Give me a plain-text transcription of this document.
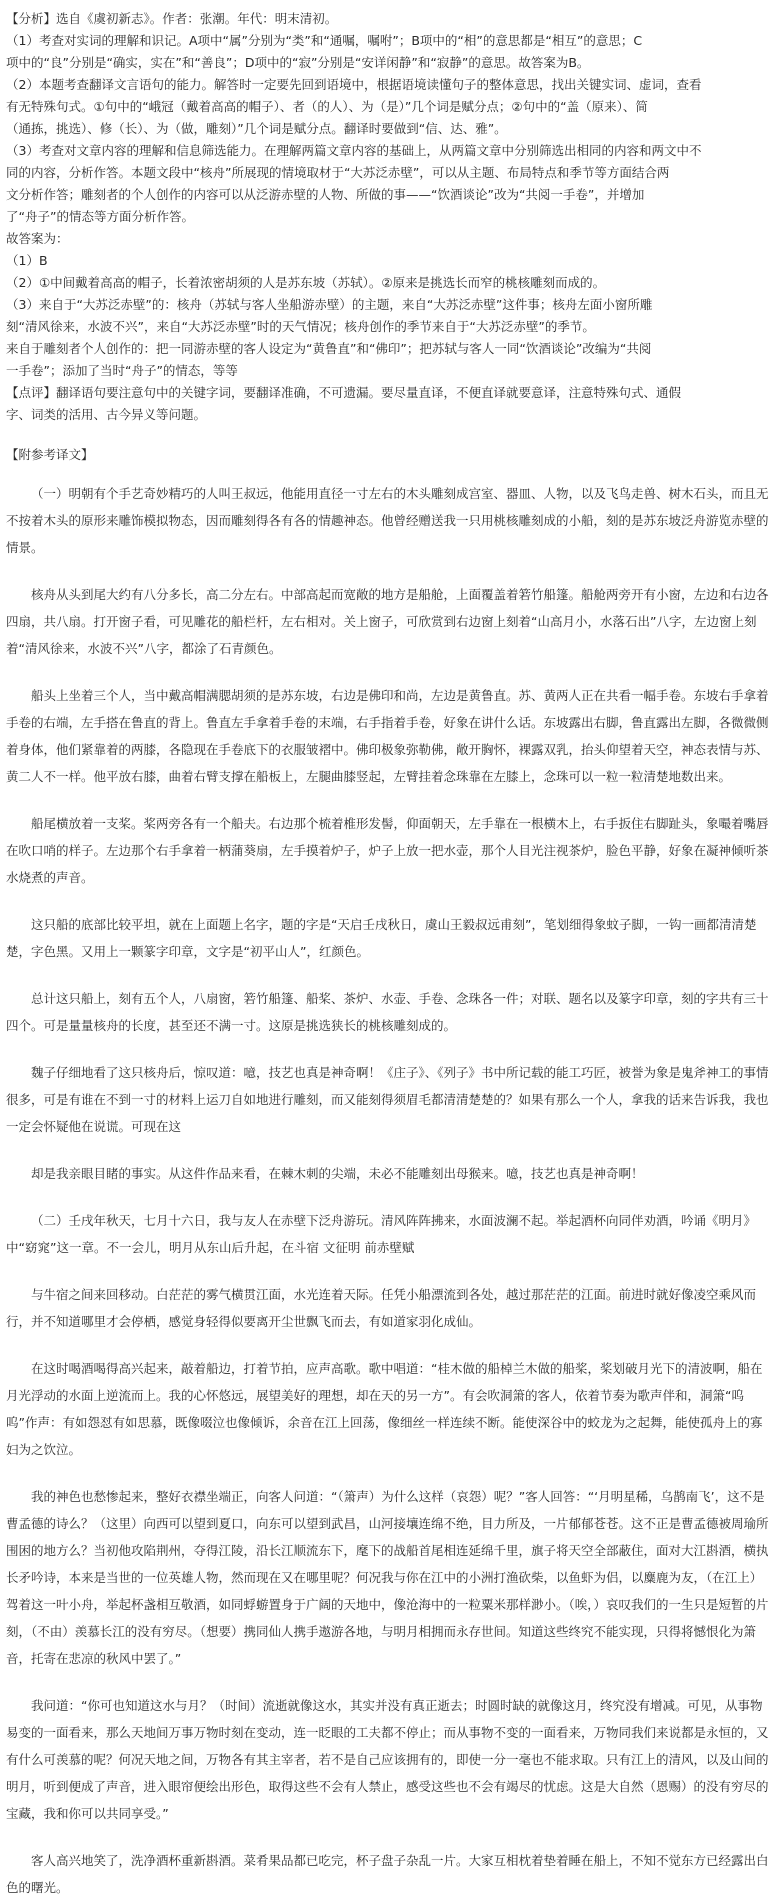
【分析】选自《虞初新志》。作者：张潮。年代：明末清初。

（1）考查对实词的理解和识记。A项中“属”分别为“类”和“通嘱，嘱咐”；B项中的“相”的意思都是“相互”的意思；C

项中的“良”分别是“确实，实在”和“善良”；D项中的“寂”分别是“安详闲静”和“寂静”的意思。故答案为B。

（2）本题考查翻译文言语句的能力。解答时一定要先回到语境中，根据语境读懂句子的整体意思，找出关键实词、虚词，查看

有无特殊句式。①句中的“峨冠（戴着高高的帽子）、者（的人）、为（是）”几个词是赋分点；②句中的“盖（原来）、简

（通拣，挑选）、修（长）、为（做，雕刻）”几个词是赋分点。翻译时要做到“信、达、雅”。

（3）考查对文章内容的理解和信息筛选能力。在理解两篇文章内容的基础上，从两篇文章中分别筛选出相同的内容和两文中不

同的内容，分析作答。本题文段中“核舟”所展现的情境取材于“大苏泛赤壁”，可以从主题、布局特点和季节等方面结合两

文分析作答；雕刻者的个人创作的内容可以从泛游赤壁的人物、所做的事——“饮酒谈论”改为“共阅一手卷”，并增加

了“舟子”的情态等方面分析作答。

故答案为：

（1）B

（2）①中间戴着高高的帽子，长着浓密胡须的人是苏东坡（苏轼）。②原来是挑选长而窄的桃核雕刻而成的。

（3）来自于“大苏泛赤壁”的：核舟（苏轼与客人坐船游赤壁）的主题，来自“大苏泛赤壁”这件事；核舟左面小窗所雕

刻“清风徐来，水波不兴”，来自“大苏泛赤壁”时的天气情况；核舟创作的季节来自于“大苏泛赤壁”的季节。

来自于雕刻者个人创作的：把一同游赤壁的客人设定为“黄鲁直”和“佛印”；把苏轼与客人一同“饮酒谈论”改编为“共阅

一手卷”；添加了当时“舟子”的情态，等等

【点评】翻译语句要注意句中的关键字词，要翻译准确，不可遗漏。要尽量直译，不便直译就要意译，注意特殊句式、通假

字、词类的活用、古今异义等问题。

【附参考译文】

（一）明朝有个手艺奇妙精巧的人叫王叔远，他能用直径一寸左右的木头雕刻成宫室、器皿、人物，以及飞鸟走兽、树木石头，而且无不按着木头的原形来雕饰模拟物态，因而雕刻得各有各的情趣神态。他曾经赠送我一只用桃核雕刻成的小船，刻的是苏东坡泛舟游览赤壁的情景。

核舟从头到尾大约有八分多长，高二分左右。中部高起而宽敞的地方是船舱，上面覆盖着箬竹船篷。船舱两旁开有小窗，左边和右边各四扇，共八扇。打开窗子看，可见雕花的船栏杆，左右相对。关上窗子，可欣赏到右边窗上刻着“山高月小，水落石出”八字，左边窗上刻着“清风徐来，水波不兴”八字，都涂了石青颜色。

船头上坐着三个人，当中戴高帽满腮胡须的是苏东坡，右边是佛印和尚，左边是黄鲁直。苏、黄两人正在共看一幅手卷。东坡右手拿着手卷的右端，左手搭在鲁直的背上。鲁直左手拿着手卷的末端，右手指着手卷，好象在讲什么话。东坡露出右脚，鲁直露出左脚，各微微侧着身体，他们紧靠着的两膝，各隐现在手卷底下的衣服皱褶中。佛印极象弥勒佛，敞开胸怀，裸露双乳，抬头仰望着天空，神态表情与苏、黄二人不一样。他平放右膝，曲着右臂支撑在船板上，左腿曲膝竖起，左臂挂着念珠靠在左膝上，念珠可以一粒一粒清楚地数出来。

船尾横放着一支桨。桨两旁各有一个船夫。右边那个梳着椎形发髻，仰面朝天，左手靠在一根横木上，右手扳住右脚趾头，象嘬着嘴唇在吹口哨的样子。左边那个右手拿着一柄蒲葵扇，左手摸着炉子，炉子上放一把水壶，那个人目光注视茶炉，脸色平静，好象在凝神倾听茶水烧煮的声音。

这只船的底部比较平坦，就在上面题上名字，题的字是“天启壬戌秋日，虞山王毅叔远甫刻”，笔划细得象蚊子脚，一钩一画都清清楚楚，字色黑。又用上一颗篆字印章，文字是“初平山人”，红颜色。

总计这只船上，刻有五个人，八扇窗，箬竹船篷、船桨、茶炉、水壶、手卷、念珠各一件；对联、题名以及篆字印章，刻的字共有三十四个。可是量量核舟的长度，甚至还不满一寸。这原是挑选狭长的桃核雕刻成的。

魏子仔细地看了这只核舟后，惊叹道：噫，技艺也真是神奇啊！《庄子》、《列子》书中所记载的能工巧匠，被誉为象是鬼斧神工的事情很多，可是有谁在不到一寸的材料上运刀自如地进行雕刻，而又能刻得须眉毛都清清楚楚的？如果有那么一个人，拿我的话来告诉我，我也一定会怀疑他在说谎。可现在这

却是我亲眼目睹的事实。从这件作品来看，在棘木刺的尖端，未必不能雕刻出母猴来。噫，技艺也真是神奇啊！

（二）壬戌年秋天，七月十六日，我与友人在赤壁下泛舟游玩。清风阵阵拂来，水面波澜不起。举起酒杯向同伴劝酒，吟诵《明月》中“窈窕”这一章。不一会儿，明月从东山后升起，在斗宿 文征明 前赤壁赋

与牛宿之间来回移动。白茫茫的雾气横贯江面，水光连着天际。任凭小船漂流到各处，越过那茫茫的江面。前进时就好像凌空乘风而行，并不知道哪里才会停栖，感觉身轻得似要离开尘世飘飞而去，有如道家羽化成仙。

在这时喝酒喝得高兴起来，敲着船边，打着节拍，应声高歌。歌中唱道：“桂木做的船棹兰木做的船桨，桨划破月光下的清波啊，船在月光浮动的水面上逆流而上。我的心怀悠远，展望美好的理想，却在天的另一方”。有会吹洞箫的客人，依着节奏为歌声伴和，洞箫“呜呜”作声：有如怨怼有如思慕，既像啜泣也像倾诉，余音在江上回荡，像细丝一样连续不断。能使深谷中的蛟龙为之起舞，能使孤舟上的寡妇为之饮泣。

我的神色也愁惨起来，整好衣襟坐端正，向客人问道：“（箫声）为什么这样（哀怨）呢？”客人回答：“‘月明星稀，乌鹊南飞’，这不是曹孟德的诗么？（这里）向西可以望到夏口，向东可以望到武昌，山河接壤连绵不绝，目力所及，一片郁郁苍苍。这不正是曹孟德被周瑜所围困的地方么？当初他攻陷荆州，夺得江陵，沿长江顺流东下，麾下的战船首尾相连延绵千里，旗子将天空全部蔽住，面对大江斟酒，横执长矛吟诗，本来是当世的一位英雄人物，然而现在又在哪里呢？何况我与你在江中的小洲打渔砍柴，以鱼虾为侣，以麋鹿为友，（在江上）驾着这一叶小舟，举起杯盏相互敬酒，如同蜉蝣置身于广阔的天地中，像沧海中的一粒粟米那样渺小。（唉，）哀叹我们的一生只是短暂的片刻，（不由）羡慕长江的没有穷尽。（想要）携同仙人携手遨游各地，与明月相拥而永存世间。知道这些终究不能实现，只得将憾恨化为箫音，托寄在悲凉的秋风中罢了。”

我问道：“你可也知道这水与月？（时间）流逝就像这水，其实并没有真正逝去；时圆时缺的就像这月，终究没有增减。可见，从事物易变的一面看来，那么天地间万事万物时刻在变动，连一眨眼的工夫都不停止；而从事物不变的一面看来，万物同我们来说都是永恒的，又有什么可羡慕的呢？何况天地之间，万物各有其主宰者，若不是自己应该拥有的，即使一分一毫也不能求取。只有江上的清风，以及山间的明月，听到便成了声音，进入眼帘便绘出形色，取得这些不会有人禁止，感受这些也不会有竭尽的忧虑。这是大自然（恩赐）的没有穷尽的宝藏，我和你可以共同享受。”

客人高兴地笑了，洗净酒杯重新斟酒。菜肴果品都已吃完，杯子盘子杂乱一片。大家互相枕着垫着睡在船上，不知不觉东方已经露出白色的曙光。
